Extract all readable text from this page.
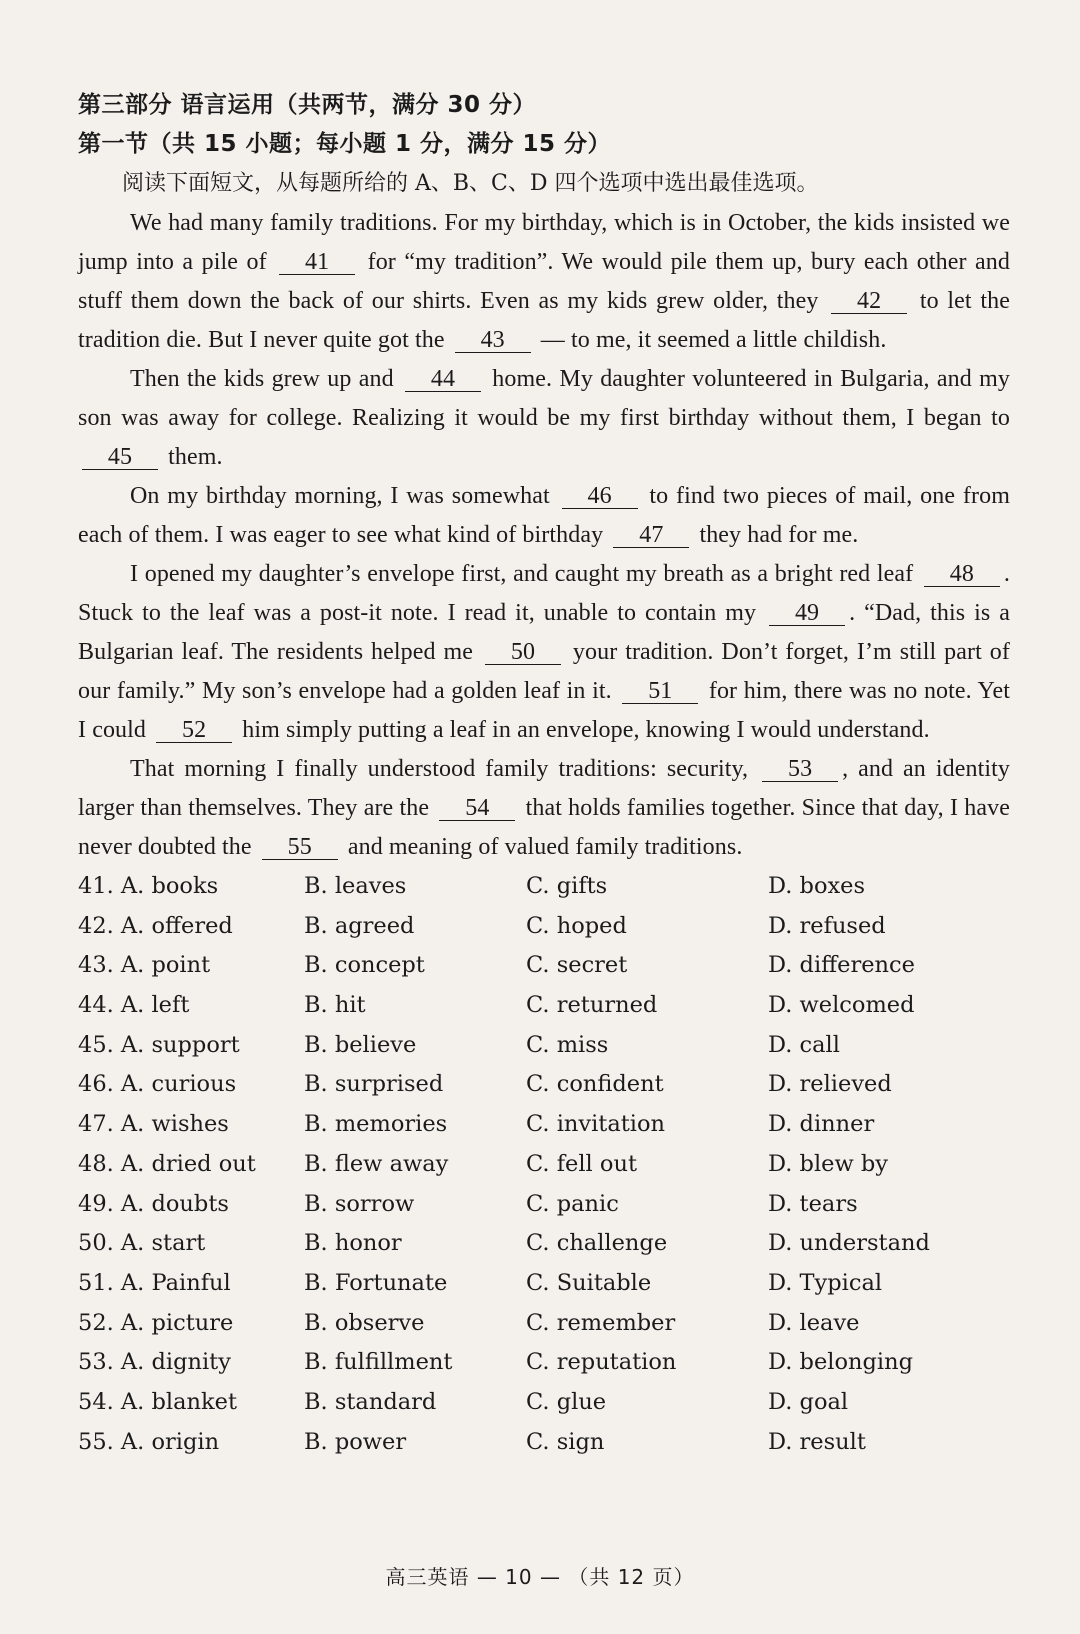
第三部分 语言运用（共两节，满分 30 分）
第一节（共 15 小题；每小题 1 分，满分 15 分）
阅读下面短文，从每题所给的 A、B、C、D 四个选项中选出最佳选项。

We had many family traditions. For my birthday, which is in October, the kids insisted we jump into a pile of 41 for “my tradition”. We would pile them up, bury each other and stuff them down the back of our shirts. Even as my kids grew older, they 42 to let the tradition die. But I never quite got the 43 — to me, it seemed a little childish.

Then the kids grew up and 44 home. My daughter volunteered in Bulgaria, and my son was away for college. Realizing it would be my first birthday without them, I began to 45 them.

On my birthday morning, I was somewhat 46 to find two pieces of mail, one from each of them. I was eager to see what kind of birthday 47 they had for me.

I opened my daughter’s envelope first, and caught my breath as a bright red leaf 48 . Stuck to the leaf was a post-it note. I read it, unable to contain my 49 . “Dad, this is a Bulgarian leaf. The residents helped me 50 your tradition. Don’t forget, I’m still part of our family.” My son’s envelope had a golden leaf in it. 51 for him, there was no note. Yet I could 52 him simply putting a leaf in an envelope, knowing I would understand.

That morning I finally understood family traditions: security, 53 , and an identity larger than themselves. They are the 54 that holds families together. Since that day, I have never doubted the 55 and meaning of valued family traditions.

41. A. books	B. leaves	C. gifts	D. boxes
42. A. offered	B. agreed	C. hoped	D. refused
43. A. point	B. concept	C. secret	D. difference
44. A. left	B. hit	C. returned	D. welcomed
45. A. support	B. believe	C. miss	D. call
46. A. curious	B. surprised	C. confident	D. relieved
47. A. wishes	B. memories	C. invitation	D. dinner
48. A. dried out	B. flew away	C. fell out	D. blew by
49. A. doubts	B. sorrow	C. panic	D. tears
50. A. start	B. honor	C. challenge	D. understand
51. A. Painful	B. Fortunate	C. Suitable	D. Typical
52. A. picture	B. observe	C. remember	D. leave
53. A. dignity	B. fulfillment	C. reputation	D. belonging
54. A. blanket	B. standard	C. glue	D. goal
55. A. origin	B. power	C. sign	D. result
高三英语 — 10 — （共 12 页）
